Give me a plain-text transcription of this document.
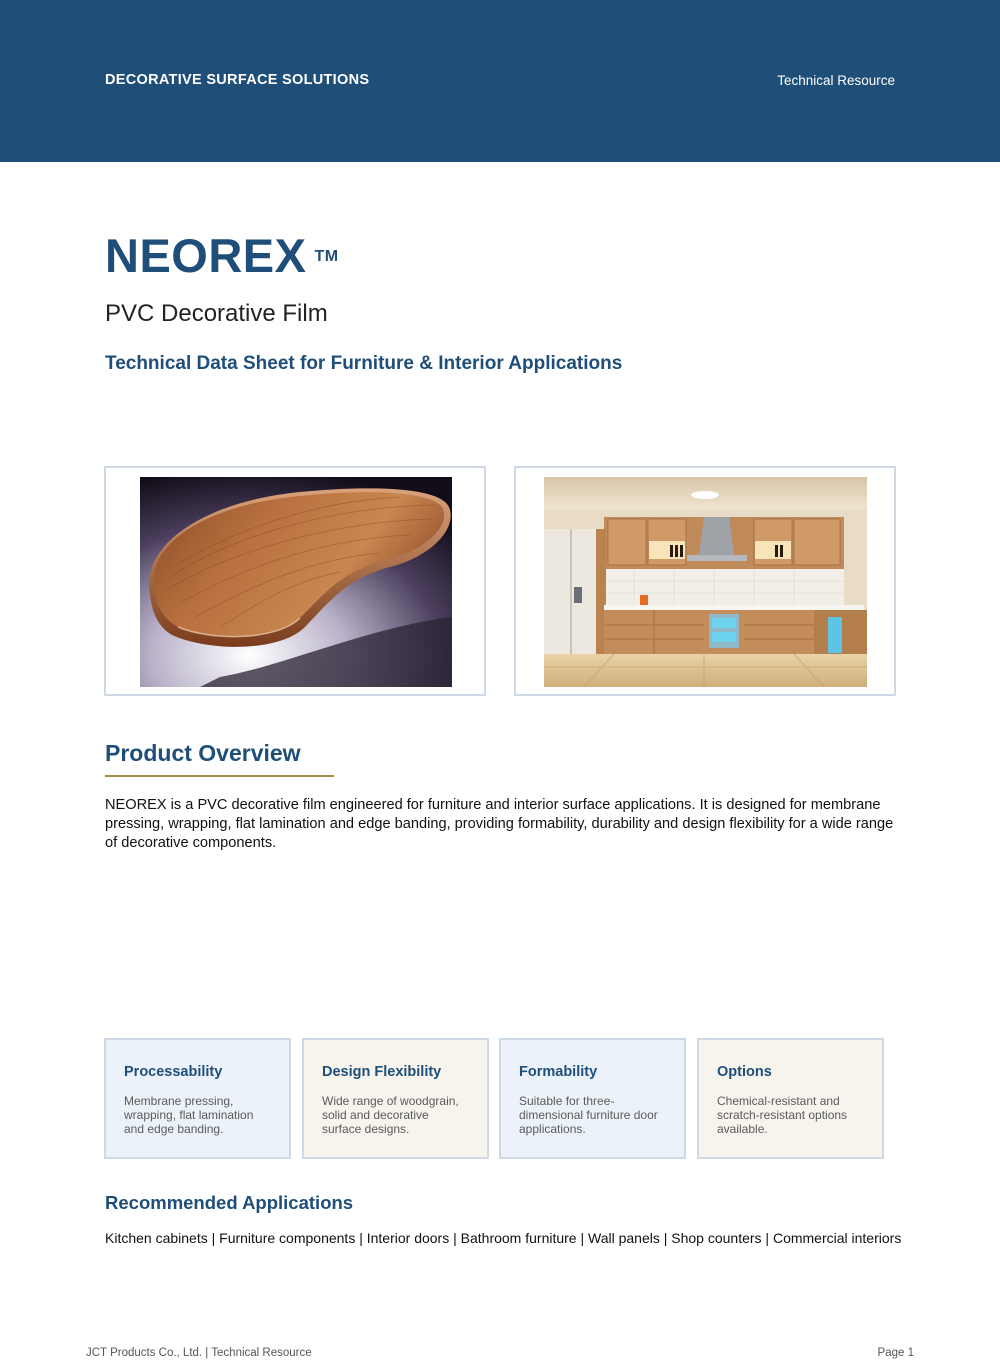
DECORATIVE SURFACE SOLUTIONS	Technical Resource
NEOREX ™
PVC Decorative Film
Technical Data Sheet for Furniture & Interior Applications
Product Overview
NEOREX is a PVC decorative film engineered for furniture and interior surface applications. It is designed for membrane pressing, wrapping, flat lamination and edge banding, providing formability, durability and design flexibility for a wide range of decorative components.
Processability
Membrane pressing, wrapping, flat lamination and edge banding.
Design Flexibility
Wide range of woodgrain, solid and decorative surface designs.
Formability
Suitable for three-dimensional furniture door applications.
Options
Chemical-resistant and scratch-resistant options available.
Recommended Applications
Kitchen cabinets | Furniture components | Interior doors | Bathroom furniture | Wall panels | Shop counters | Commercial interiors
JCT Products Co., Ltd. | Technical Resource	Page 1
